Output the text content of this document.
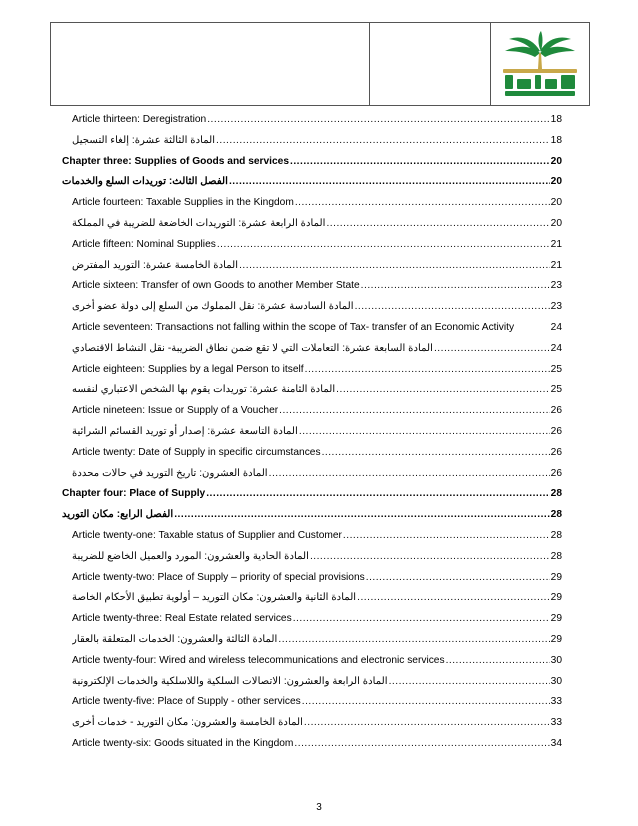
Article thirteen: Deregistration .....	18
المادة الثالثة عشرة: إلغاء التسجيل .....	18
Chapter three: Supplies of Goods and services .....	20
الفصل الثالث: توريدات السلع والخدمات .....	20
Article fourteen: Taxable Supplies in the Kingdom .....	20
المادة الرابعة عشرة: التوريدات الخاضعة للضريبة في المملكة .....	20
Article fifteen: Nominal Supplies .....	21
المادة الخامسة عشرة: التوريد المفترض .....	21
Article sixteen: Transfer of own Goods to another Member State .....	23
المادة السادسة عشرة: نقل المملوك من السلع إلى دولة عضو أخرى .....	23
Article seventeen: Transactions not falling within the scope of Tax- transfer of an Economic Activity	24
المادة السابعة عشرة: التعاملات التي لا تقع ضمن نطاق الضريبة- نقل النشاط الاقتصادي .....	24
Article eighteen: Supplies by a legal Person to itself .....	25
المادة الثامنة عشرة: توريدات يقوم بها الشخص الاعتباري لنفسه .....	25
Article nineteen: Issue or Supply of a Voucher .....	26
المادة التاسعة عشرة: إصدار أو توريد القسائم الشرائية .....	26
Article twenty: Date of Supply in specific circumstances .....	26
المادة العشرون: تاريخ التوريد في حالات محددة .....	26
Chapter four: Place of Supply .....	28
الفصل الرابع: مكان التوريد .....	28
Article twenty-one: Taxable status of Supplier and Customer .....	28
المادة الحادية والعشرون: المورد والعميل الخاضع للضريبة .....	28
Article twenty-two: Place of Supply – priority of special provisions .....	29
المادة الثانية والعشرون: مكان التوريد – أولوية تطبيق الأحكام الخاصة .....	29
Article twenty-three: Real Estate related services .....	29
المادة الثالثة والعشرون: الخدمات المتعلقة بالعقار .....	29
Article twenty-four: Wired and wireless telecommunications and electronic services .....	30
المادة الرابعة والعشرون: الاتصالات السلكية واللاسلكية والخدمات الإلكترونية .....	30
Article twenty-five: Place of Supply - other services .....	33
المادة الخامسة والعشرون: مكان التوريد - خدمات أخرى .....	33
Article twenty-six: Goods situated in the Kingdom .....	34
3
